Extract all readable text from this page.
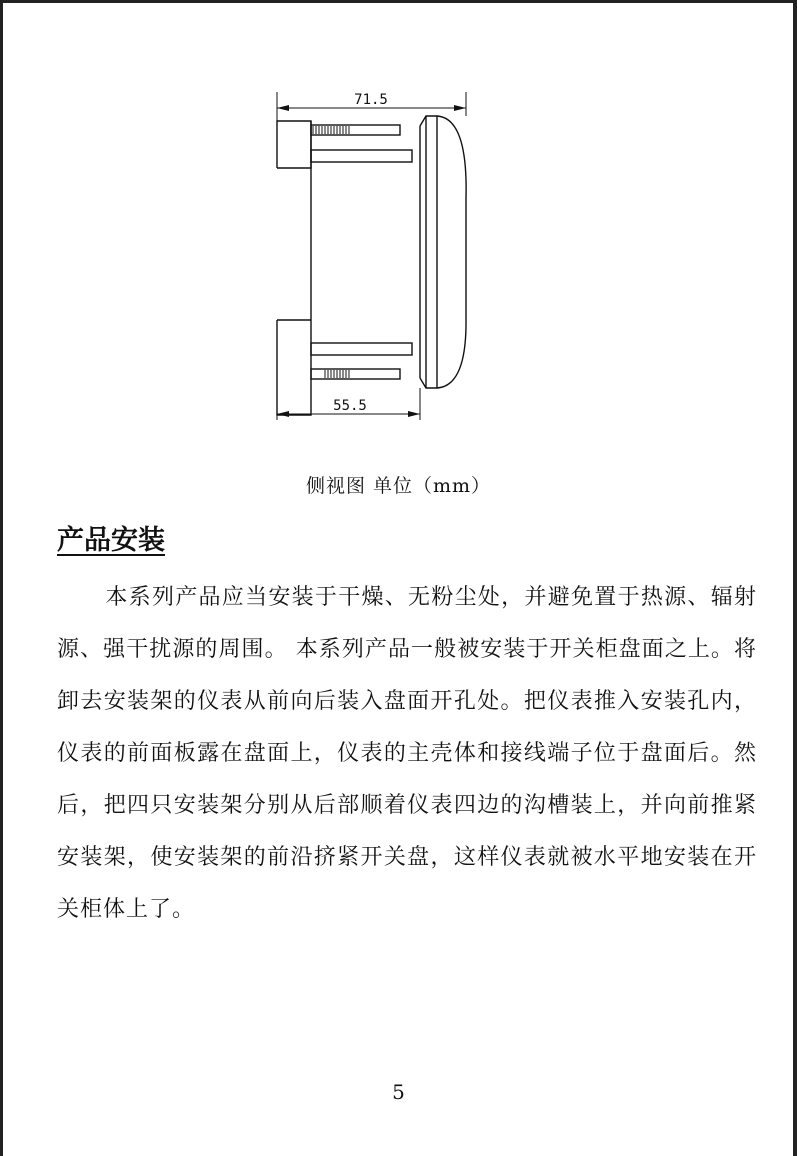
71.5
55.5
侧视图 单位（mm）
产品安装

本系列产品应当安装于干燥、无粉尘处，并避免置于热源、辐射源、强干扰源的周围。 本系列产品一般被安装于开关柜盘面之上。将卸去安装架的仪表从前向后装入盘面开孔处。把仪表推入安装孔内，仪表的前面板露在盘面上，仪表的主壳体和接线端子位于盘面后。然后，把四只安装架分别从后部顺着仪表四边的沟槽装上，并向前推紧安装架，使安装架的前沿挤紧开关盘，这样仪表就被水平地安装在开关柜体上了。

5
